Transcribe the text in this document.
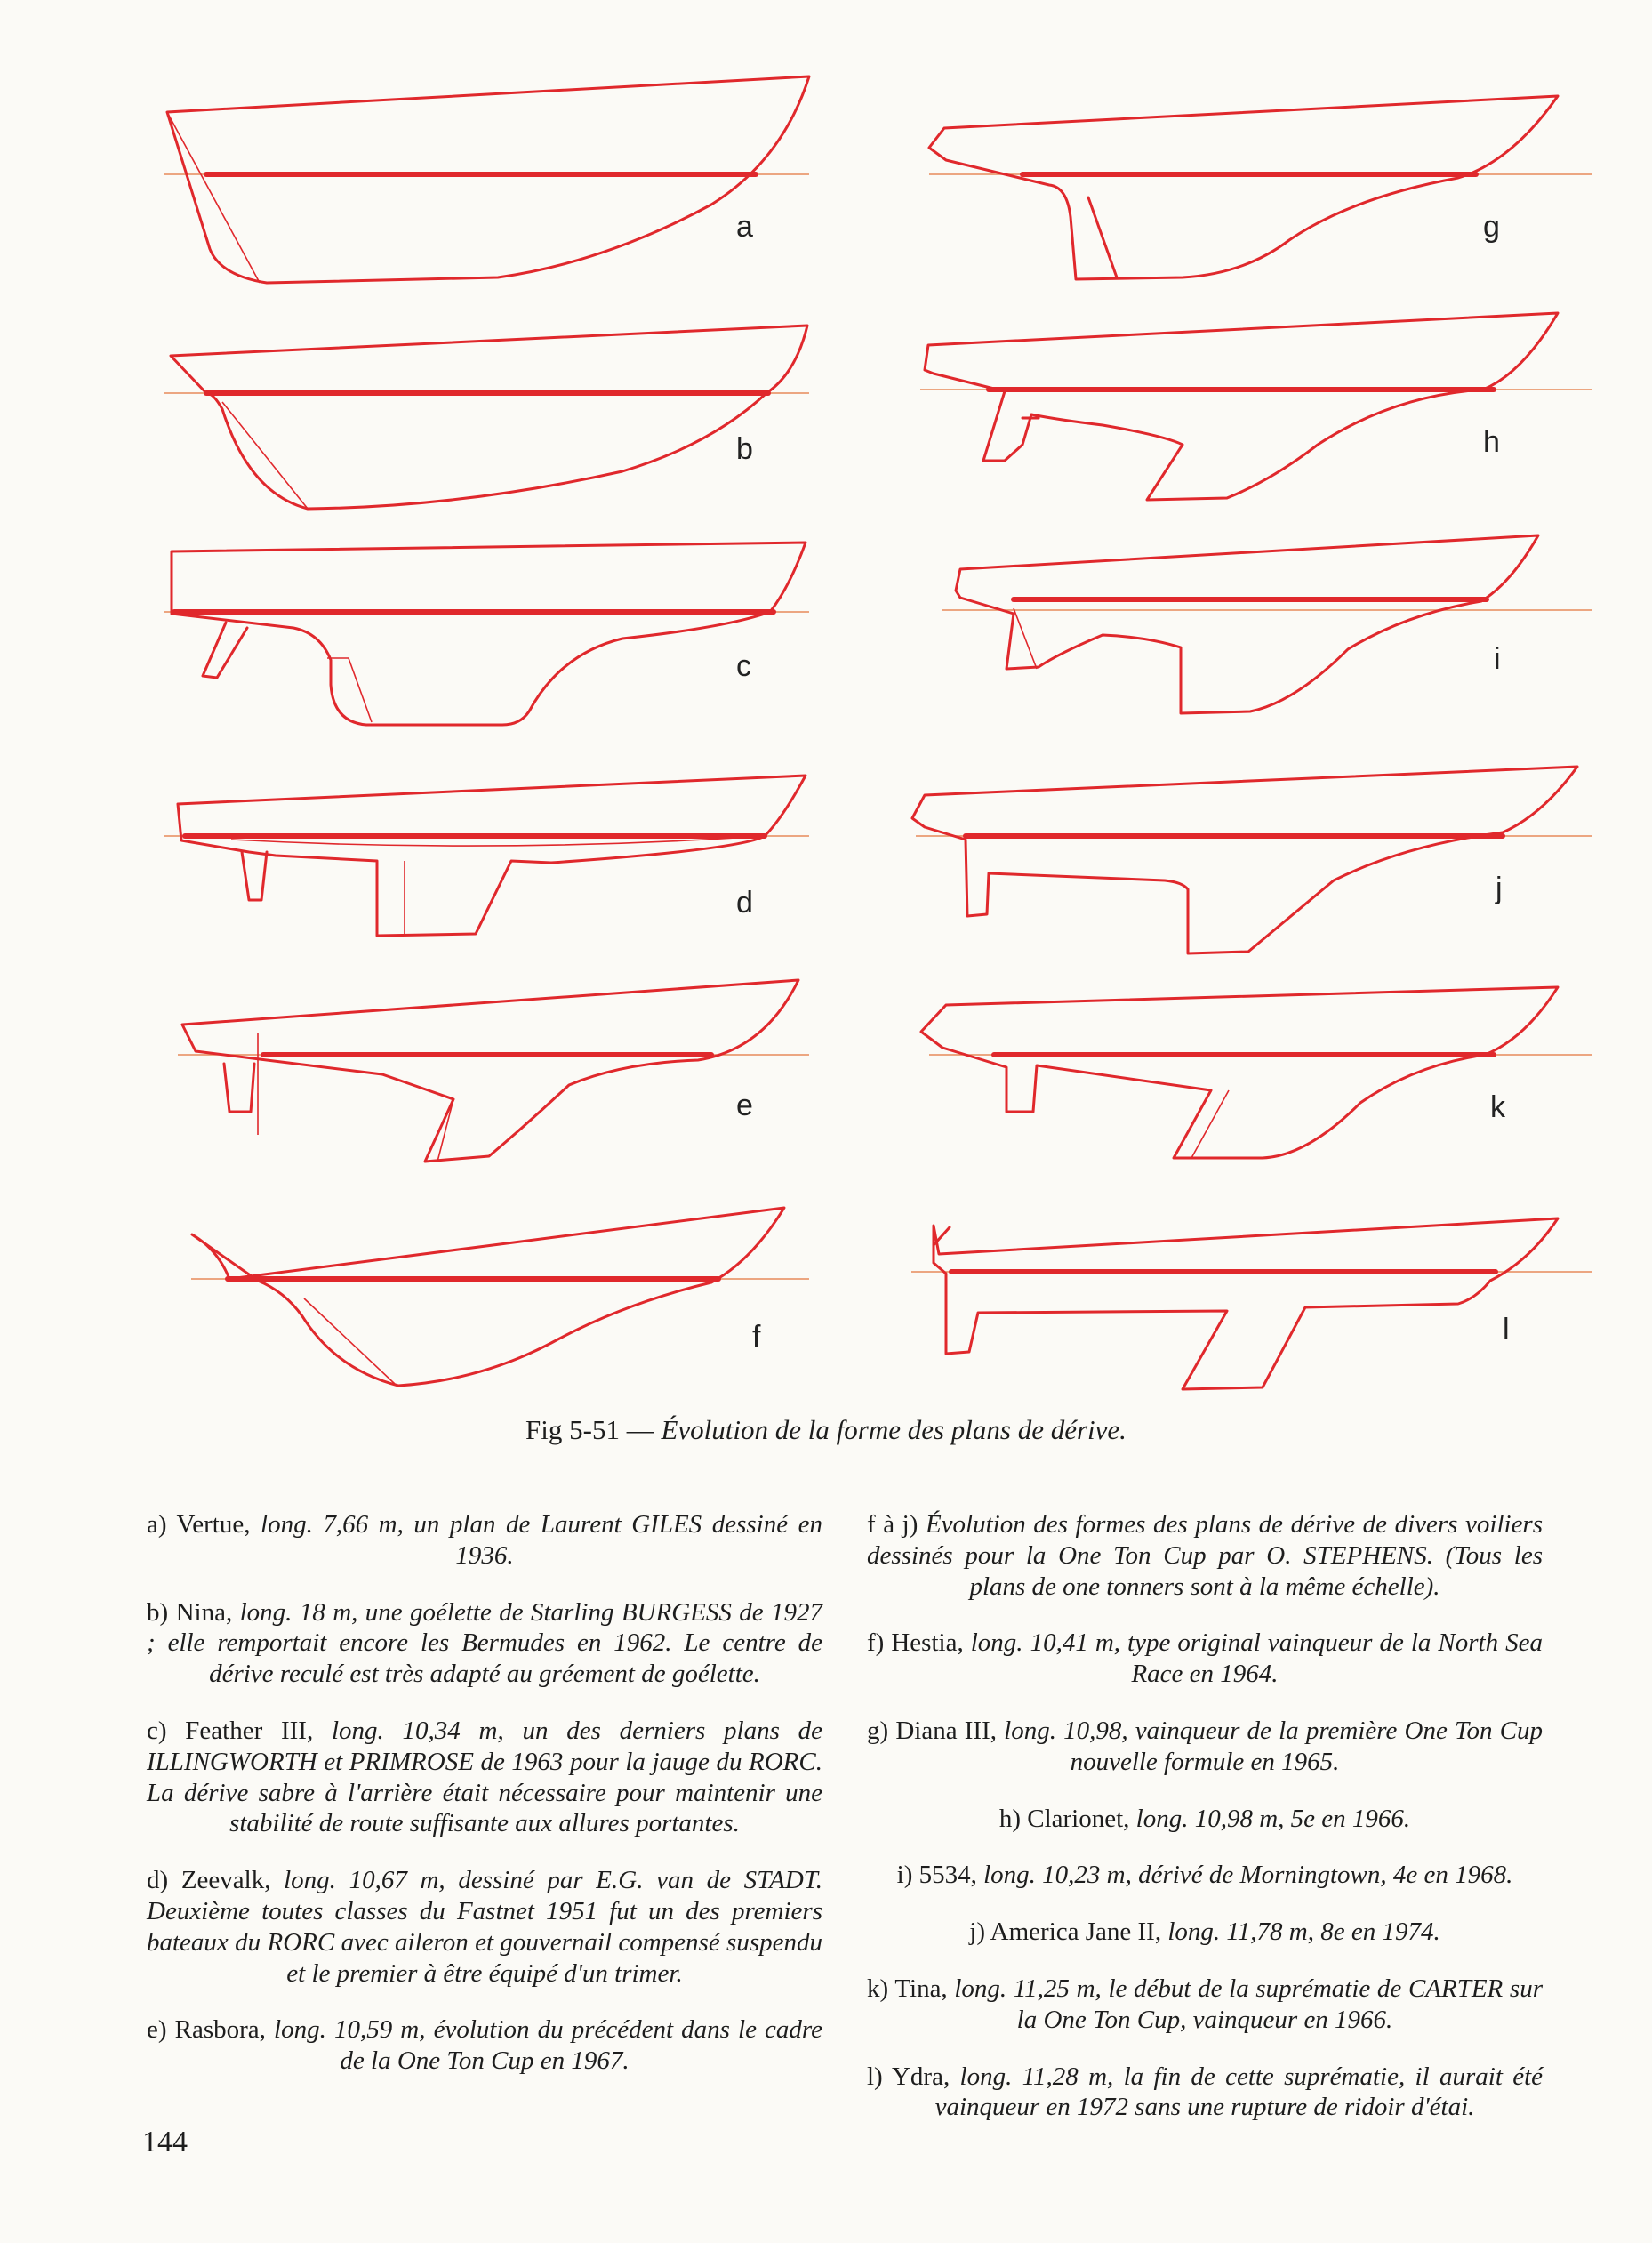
a
b
c
d
e
f
g
h
i
j
k
l
Fig 5-51 — Évolution de la forme des plans de dérive.

a) Vertue, long. 7,66 m, un plan de Laurent GILES dessiné en 1936.

b) Nina, long. 18 m, une goélette de Starling BURGESS de 1927 ; elle remportait encore les Bermudes en 1962. Le centre de dérive reculé est très adapté au gréement de goélette.

c) Feather III, long. 10,34 m, un des derniers plans de ILLINGWORTH et PRIMROSE de 1963 pour la jauge du RORC. La dérive sabre à l'arrière était nécessaire pour maintenir une stabilité de route suffisante aux allures portantes.

d) Zeevalk, long. 10,67 m, dessiné par E.G. van de STADT. Deuxième toutes classes du Fastnet 1951 fut un des premiers bateaux du RORC avec aileron et gouvernail compensé suspendu et le premier à être équipé d'un trimer.

e) Rasbora, long. 10,59 m, évolution du précédent dans le cadre de la One Ton Cup en 1967.

f à j) Évolution des formes des plans de dérive de divers voiliers dessinés pour la One Ton Cup par O. STEPHENS. (Tous les plans de one tonners sont à la même échelle).

f) Hestia, long. 10,41 m, type original vainqueur de la North Sea Race en 1964.

g) Diana III, long. 10,98, vainqueur de la première One Ton Cup nouvelle formule en 1965.

h) Clarionet, long. 10,98 m, 5e en 1966.

i) 5534, long. 10,23 m, dérivé de Morningtown, 4e en 1968.

j) America Jane II, long. 11,78 m, 8e en 1974.

k) Tina, long. 11,25 m, le début de la suprématie de CARTER sur la One Ton Cup, vainqueur en 1966.

l) Ydra, long. 11,28 m, la fin de cette suprématie, il aurait été vainqueur en 1972 sans une rupture de ridoir d'étai.

144
